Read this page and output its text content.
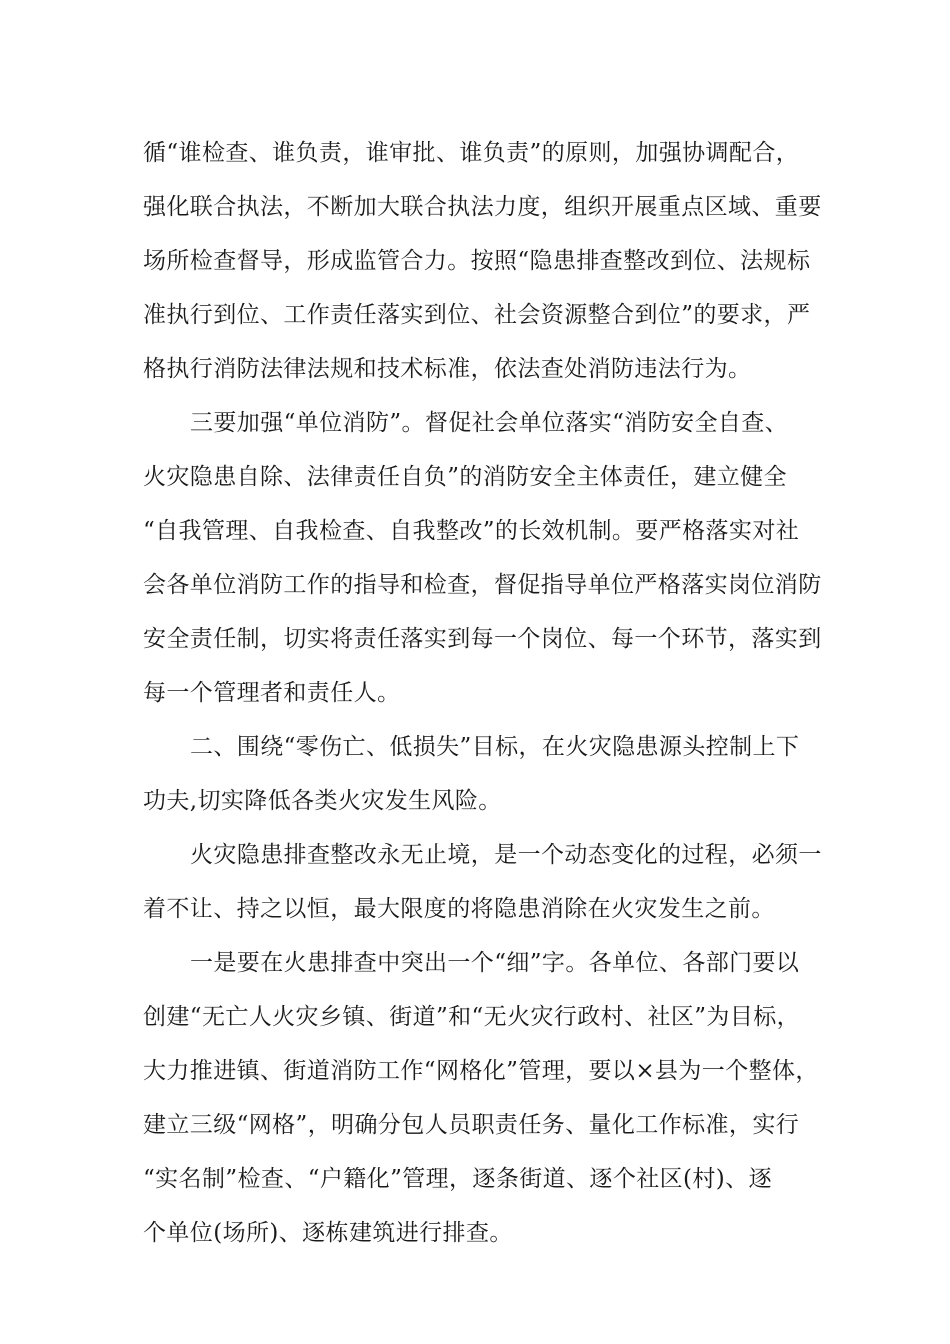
循“谁检查、谁负责，谁审批、谁负责”的原则，加强协调配合，
强化联合执法，不断加大联合执法力度，组织开展重点区域、重要
场所检查督导，形成监管合力。按照“隐患排查整改到位、法规标
准执行到位、工作责任落实到位、社会资源整合到位”的要求，严
格执行消防法律法规和技术标准，依法查处消防违法行为。
三要加强“单位消防”。督促社会单位落实“消防安全自查、
火灾隐患自除、法律责任自负”的消防安全主体责任，建立健全
“自我管理、自我检查、自我整改”的长效机制。要严格落实对社
会各单位消防工作的指导和检查，督促指导单位严格落实岗位消防
安全责任制，切实将责任落实到每一个岗位、每一个环节，落实到
每一个管理者和责任人。
二、围绕“零伤亡、低损失”目标，在火灾隐患源头控制上下
功夫,切实降低各类火灾发生风险。
火灾隐患排查整改永无止境，是一个动态变化的过程，必须一
着不让、持之以恒，最大限度的将隐患消除在火灾发生之前。
一是要在火患排查中突出一个“细”字。各单位、各部门要以
创建“无亡人火灾乡镇、街道”和“无火灾行政村、社区”为目标，
大力推进镇、街道消防工作“网格化”管理，要以×县为一个整体，
建立三级“网格”，明确分包人员职责任务、量化工作标准，实行
“实名制”检查、“户籍化”管理，逐条街道、逐个社区(村)、逐
个单位(场所)、逐栋建筑进行排查。
